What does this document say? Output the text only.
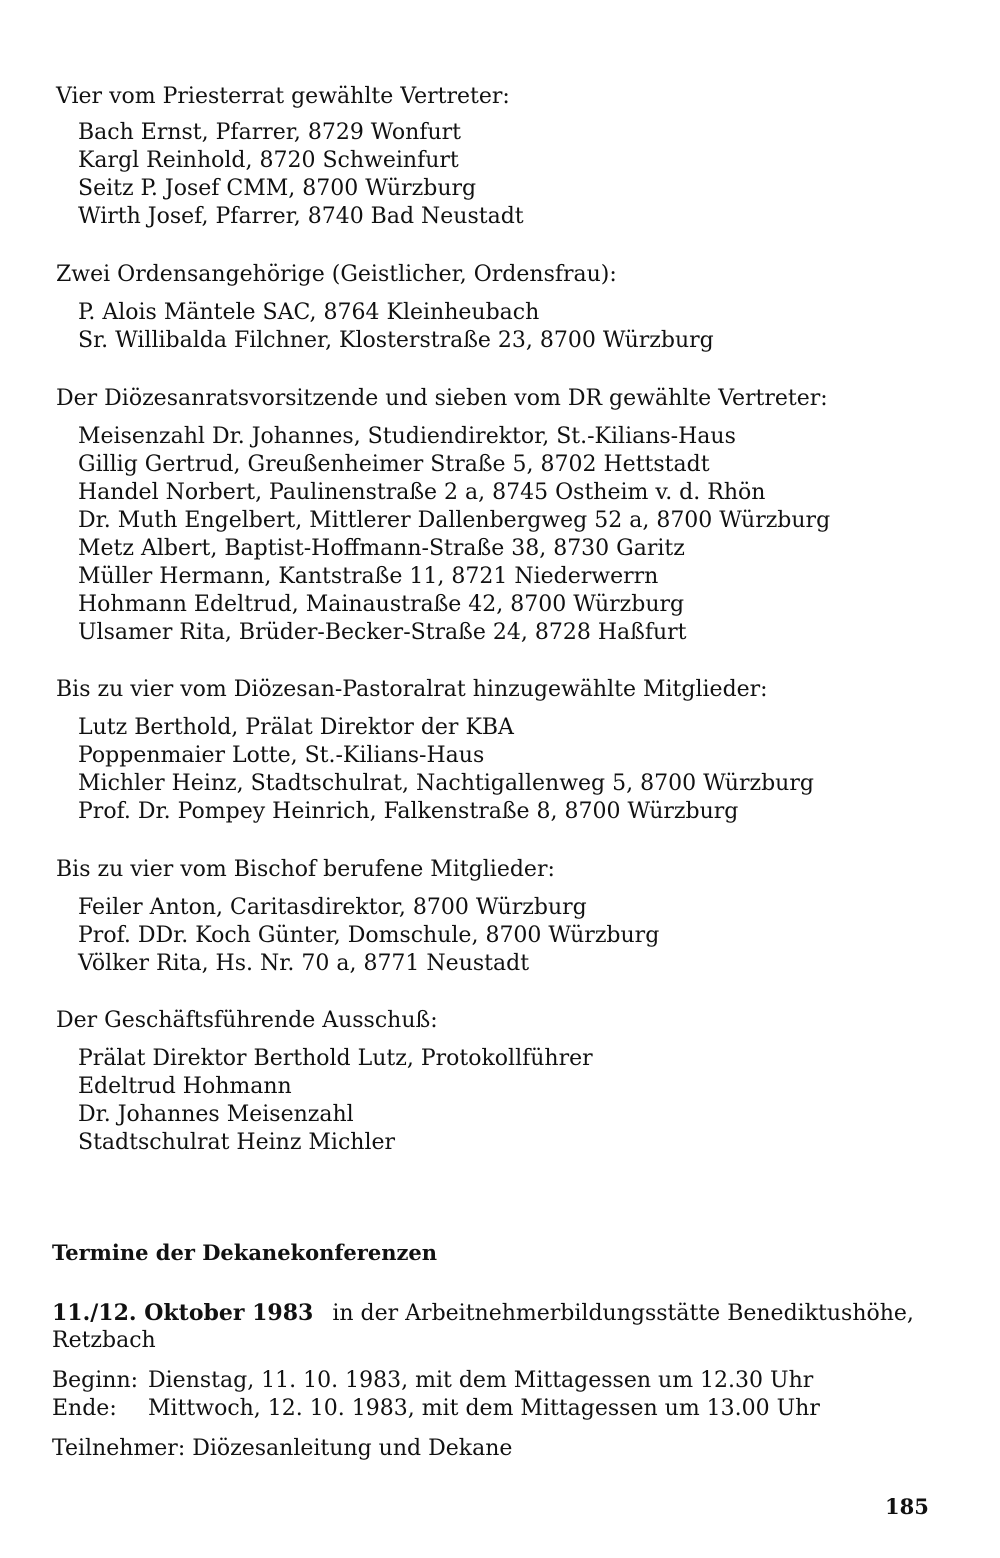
Vier vom Priesterrat gewählte Vertreter:
Bach Ernst, Pfarrer, 8729 Wonfurt
Kargl Reinhold, 8720 Schweinfurt
Seitz P. Josef CMM, 8700 Würzburg
Wirth Josef, Pfarrer, 8740 Bad Neustadt
Zwei Ordensangehörige (Geistlicher, Ordensfrau):
P. Alois Mäntele SAC, 8764 Kleinheubach
Sr. Willibalda Filchner, Klosterstraße 23, 8700 Würzburg
Der Diözesanratsvorsitzende und sieben vom DR gewählte Vertreter:
Meisenzahl Dr. Johannes, Studiendirektor, St.-Kilians-Haus
Gillig Gertrud, Greußenheimer Straße 5, 8702 Hettstadt
Handel Norbert, Paulinenstraße 2 a, 8745 Ostheim v. d. Rhön
Dr. Muth Engelbert, Mittlerer Dallenbergweg 52 a, 8700 Würzburg
Metz Albert, Baptist-Hoffmann-Straße 38, 8730 Garitz
Müller Hermann, Kantstraße 11, 8721 Niederwerrn
Hohmann Edeltrud, Mainaustraße 42, 8700 Würzburg
Ulsamer Rita, Brüder-Becker-Straße 24, 8728 Haßfurt
Bis zu vier vom Diözesan-Pastoralrat hinzugewählte Mitglieder:
Lutz Berthold, Prälat Direktor der KBA
Poppenmaier Lotte, St.-Kilians-Haus
Michler Heinz, Stadtschulrat, Nachtigallenweg 5, 8700 Würzburg
Prof. Dr. Pompey Heinrich, Falkenstraße 8, 8700 Würzburg
Bis zu vier vom Bischof berufene Mitglieder:
Feiler Anton, Caritasdirektor, 8700 Würzburg
Prof. DDr. Koch Günter, Domschule, 8700 Würzburg
Völker Rita, Hs. Nr. 70 a, 8771 Neustadt
Der Geschäftsführende Ausschuß:
Prälat Direktor Berthold Lutz, Protokollführer
Edeltrud Hohmann
Dr. Johannes Meisenzahl
Stadtschulrat Heinz Michler
Termine der Dekanekonferenzen
11./12. Oktober 1983 in der Arbeitnehmerbildungsstätte Benediktushöhe,
Retzbach
Beginn: Dienstag, 11. 10. 1983, mit dem Mittagessen um 12.30 Uhr
Ende: Mittwoch, 12. 10. 1983, mit dem Mittagessen um 13.00 Uhr
Teilnehmer: Diözesanleitung und Dekane
185
